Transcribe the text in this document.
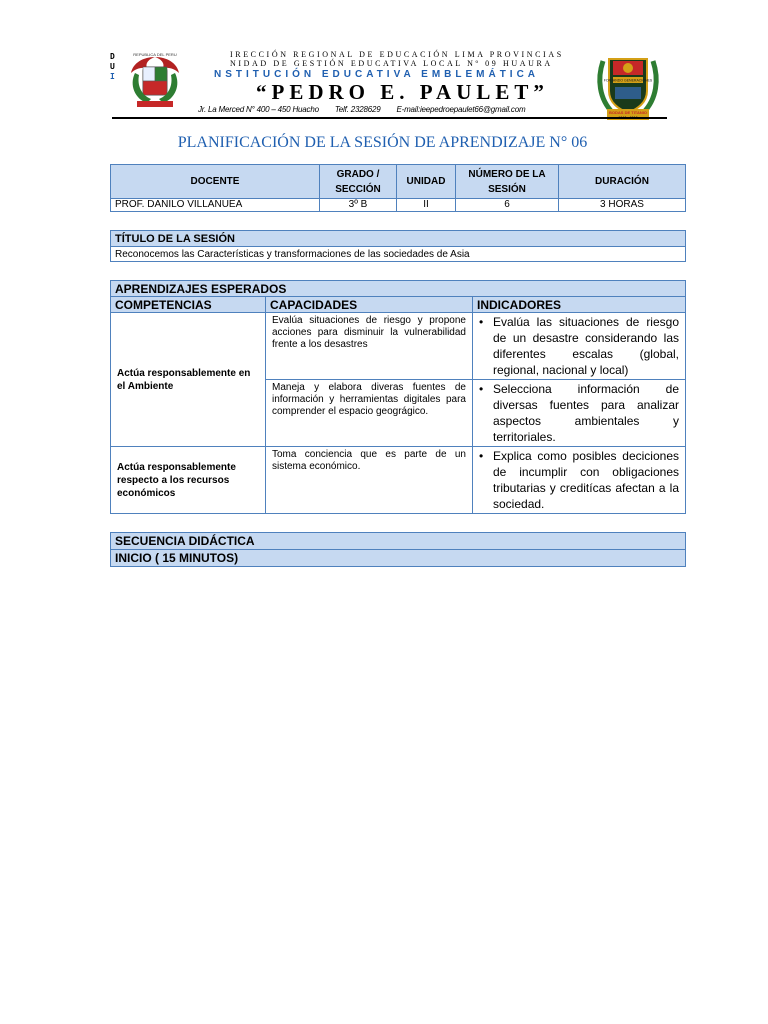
D
U
I
REPUBLICA DEL PERU	IRECCIÓN REGIONAL DE EDUCACIÓN LIMA PROVINCIAS
NIDAD DE GESTIÓN EDUCATIVA LOCAL Nº 09 HUAURA
NSTITUCIÓN EDUCATIVA EMBLEMÁTICA
“PEDRO E. PAULET”
Jr. La Merced N° 400 – 450 Huacho Telf. 2328629 E-mail:ieepedroepaulet66@gmail.com
FORJANDO GENERACIONES
BODAS DE TITANIO
PLANIFICACIÓN DE LA SESIÓN DE APRENDIZAJE N° 06
DOCENTE	GRADO / SECCIÓN	UNIDAD	NÚMERO DE LA SESIÓN	DURACIÓN
PROF. DANILO VILLANUEA	3º B	II	6	3 HORAS
TÍTULO DE LA SESIÓN
Reconocemos las Características y transformaciones de las sociedades de Asia
APRENDIZAJES ESPERADOS		
COMPETENCIAS	CAPACIDADES	INDICADORES
Actúa responsablemente en el Ambiente	Evalúa situaciones de riesgo y propone acciones para disminuir la vulnerabilidad frente a los desastres	• Evalúa las situaciones de riesgo de un desastre considerando las diferentes escalas (global, regional, nacional y local)
	Maneja y elabora diveras fuentes de información y herramientas digitales para comprender el espacio geográgico.	• Selecciona información de diversas fuentes para analizar aspectos ambientales y territoriales.
Actúa responsablemente respecto a los recursos económicos	Toma conciencia que es parte de un sistema económico.	• Explica como posibles deciciones de incumplir con obligaciones tributarias y creditícas afectan a la sociedad.
SECUENCIA DIDÁCTICA
INICIO ( 15 MINUTOS)
